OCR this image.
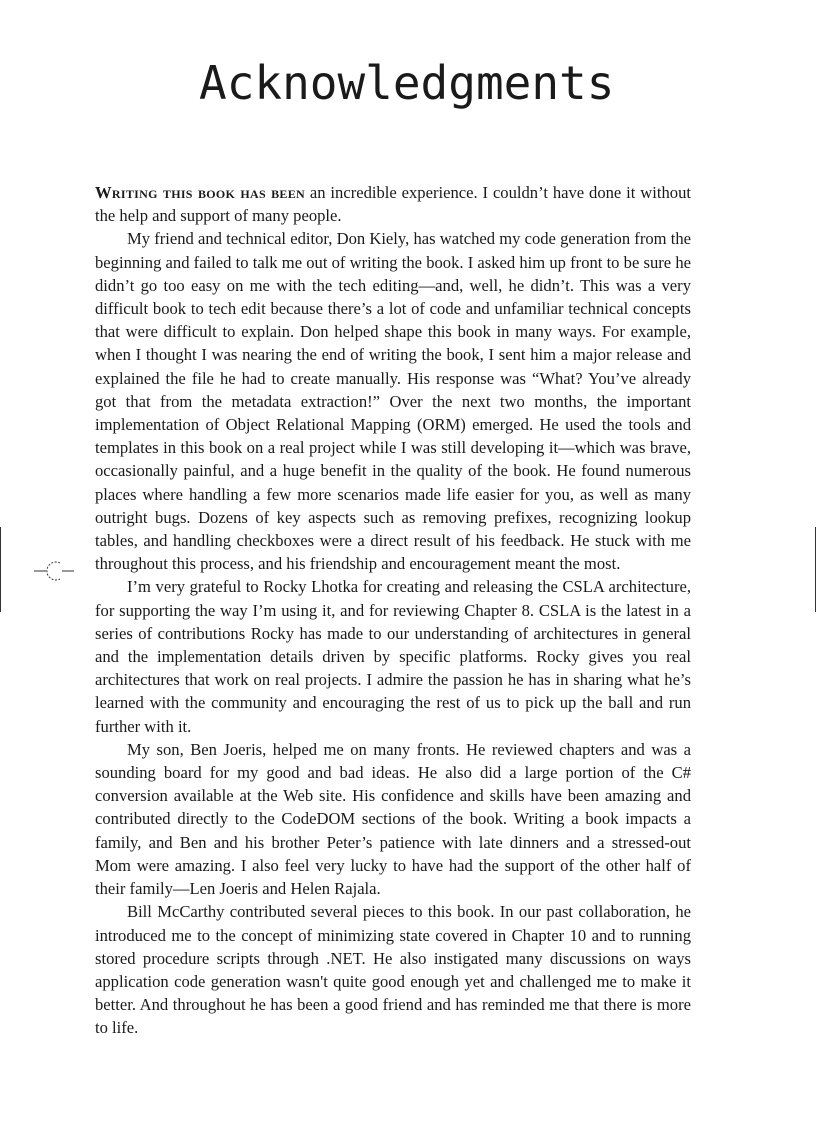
Acknowledgments

Writing this book has been an incredible experience. I couldn’t have done it without the help and support of many people.

My friend and technical editor, Don Kiely, has watched my code generation from the beginning and failed to talk me out of writing the book. I asked him up front to be sure he didn’t go too easy on me with the tech editing—and, well, he didn’t. This was a very difficult book to tech edit because there’s a lot of code and unfamiliar technical concepts that were difficult to explain. Don helped shape this book in many ways. For example, when I thought I was nearing the end of writing the book, I sent him a major release and explained the file he had to create manually. His response was “What? You’ve already got that from the metadata extraction!” Over the next two months, the important implementation of Object Relational Mapping (ORM) emerged. He used the tools and templates in this book on a real project while I was still developing it—which was brave, occasionally painful, and a huge benefit in the quality of the book. He found numerous places where handling a few more scenarios made life easier for you, as well as many outright bugs. Dozens of key aspects such as removing prefixes, recognizing lookup tables, and handling checkboxes were a direct result of his feedback. He stuck with me throughout this process, and his friendship and encouragement meant the most.

I’m very grateful to Rocky Lhotka for creating and releasing the CSLA architecture, for supporting the way I’m using it, and for reviewing Chapter 8. CSLA is the latest in a series of contributions Rocky has made to our understanding of architectures in general and the implementation details driven by specific platforms. Rocky gives you real architectures that work on real projects. I admire the passion he has in sharing what he’s learned with the community and encouraging the rest of us to pick up the ball and run further with it.

My son, Ben Joeris, helped me on many fronts. He reviewed chapters and was a sounding board for my good and bad ideas. He also did a large portion of the C# conversion available at the Web site. His confidence and skills have been amazing and contributed directly to the CodeDOM sections of the book. Writing a book impacts a family, and Ben and his brother Peter’s patience with late dinners and a stressed-out Mom were amazing. I also feel very lucky to have had the support of the other half of their family—Len Joeris and Helen Rajala.

Bill McCarthy contributed several pieces to this book. In our past collaboration, he introduced me to the concept of minimizing state covered in Chapter 10 and to running stored procedure scripts through .NET. He also instigated many discussions on ways application code generation wasn't quite good enough yet and challenged me to make it better. And throughout he has been a good friend and has reminded me that there is more to life.
